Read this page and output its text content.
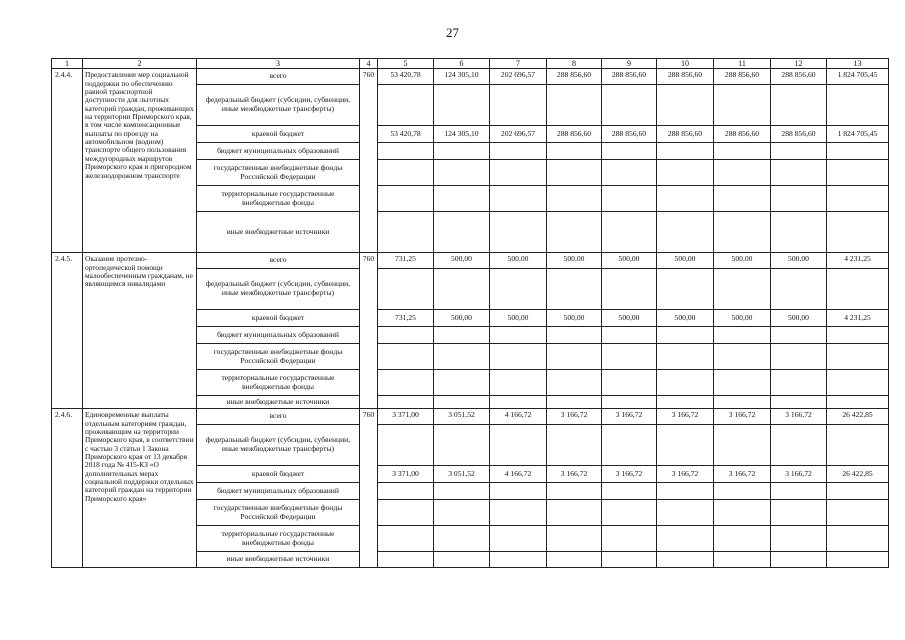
27
1	2	3	4	5	6	7	8	9	10	11	12	13
2.4.4.	Предоставление мер социальной поддержки по обеспечению равной транспортной доступности для льготных категорий граждан, проживающих на территории Приморского края, в том числе компенсационные выплаты по проезду на автомобильном (водном) транспорте общего пользования междугородных маршрутов Приморского края и пригородном железнодорожном транспорте	всего	760	53 420,78	124 305,10	202 696,57	288 856,60	288 856,60	288 856,60	288 856,60	288 856,60	1 824 705,45
		федеральный бюджет (субсидии, субвенции, иные межбюджетные трансферты)										
		краевой бюджет		53 420,78	124 305,10	202 696,57	288 856,60	288 856,60	288 856,60	288 856,60	288 856,60	1 824 705,45
		бюджет муниципальных образований										
		государственные внебюджетные фонды Российской Федерации										
		территориальные государственные внебюджетные фонды										
		иные внебюджетные источники										
2.4.5.	Оказание протезно-ортопедической помощи малообеспеченным гражданам, не являющимся инвалидами	всего	760	731,25	500,00	500,00	500,00	500,00	500,00	500,00	500,00	4 231,25
		федеральный бюджет (субсидии, субвенции, иные межбюджетные трансферты)										
		краевой бюджет		731,25	500,00	500,00	500,00	500,00	500,00	500,00	500,00	4 231,25
		бюджет муниципальных образований										
		государственные внебюджетные фонды Российской Федерации										
		территориальные государственные внебюджетные фонды										
		иные внебюджетные источники										
2.4.6.	Единовременные выплаты отдельным категориям граждан, проживающим на территории Приморского края, в соответствии с частью 3 статьи 1 Закона Приморского края от 13 декабря 2018 года № 415-КЗ «О дополнительных мерах социальной поддержки отдельных категорий граждан на территории Приморского края»	всего	760	3 371,00	3 051,52	4 166,72	3 166,72	3 166,72	3 166,72	3 166,72	3 166,72	26 422,85
		федеральный бюджет (субсидии, субвенции, иные межбюджетные трансферты)										
		краевой бюджет		3 371,00	3 051,52	4 166,72	3 166,72	3 166,72	3 166,72	3 166,72	3 166,72	26 422,85
		бюджет муниципальных образований										
		государственные внебюджетные фонды Российской Федерации										
		территориальные государственные внебюджетные фонды										
		иные внебюджетные источники										
